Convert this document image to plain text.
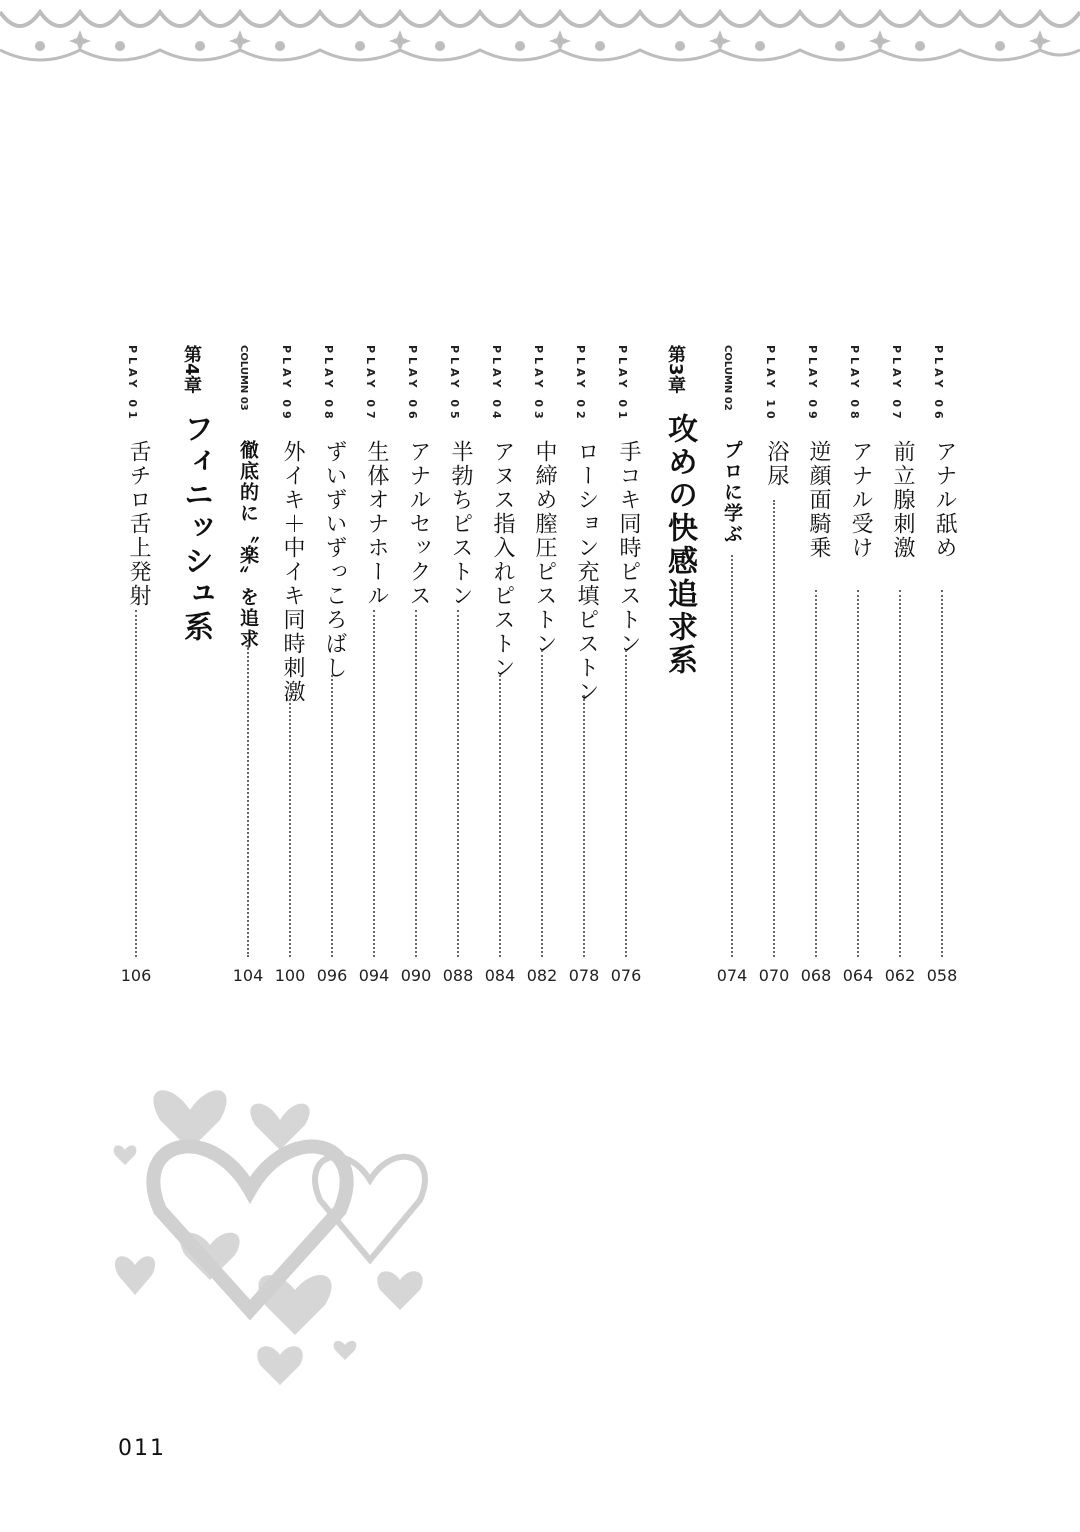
PLAY 06
アナル舐め
058
PLAY 07
前立腺刺激
062
PLAY 08
アナル受け
064
PLAY 09
逆顔面騎乗
068
PLAY 10
浴尿
070
COLUMN 02
プロに学ぶ
074
第3章
攻めの快感追求系
PLAY 01
手コキ同時ピストン
076
PLAY 02
ローション充填ピストン
078
PLAY 03
中締め膣圧ピストン
082
PLAY 04
アヌス指入れピストン
084
PLAY 05
半勃ちピストン
088
PLAY 06
アナルセックス
090
PLAY 07
生体オナホール
094
PLAY 08
ずいずいずっころばし
096
PLAY 09
外イキ＋中イキ同時刺激
100
COLUMN 03
徹底的に〝楽〟を追求
104
第4章
フィニッシュ系
PLAY 01
舌チロ舌上発射
106
011
